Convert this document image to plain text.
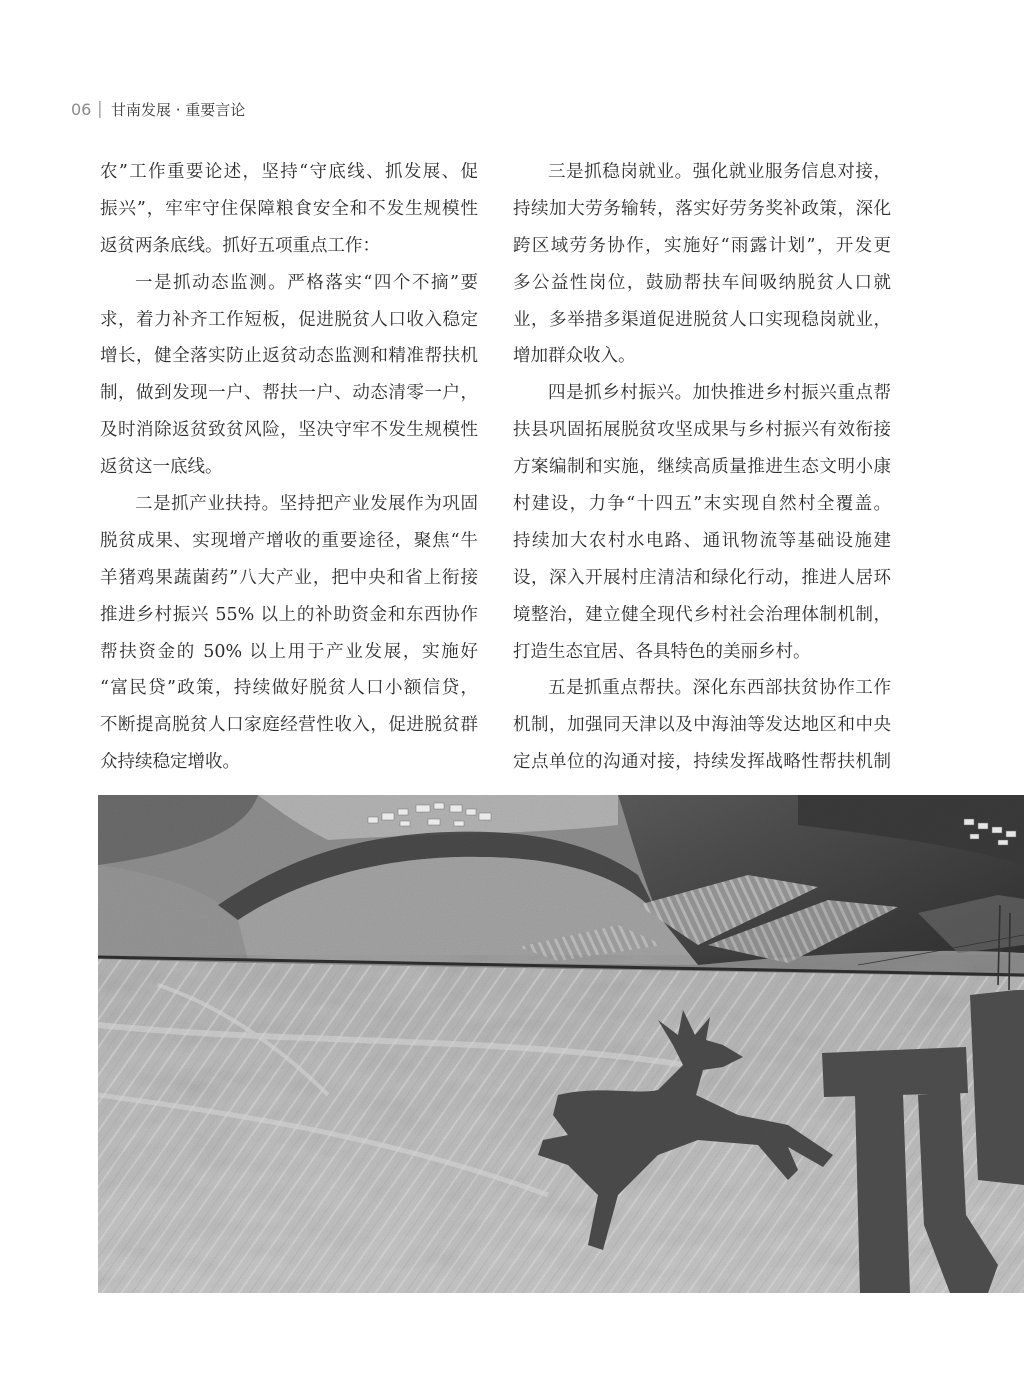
06 | 甘南发展 · 重要言论
农”工作重要论述，坚持“守底线、抓发展、促
振兴”，牢牢守住保障粮食安全和不发生规模性
返贫两条底线。抓好五项重点工作：
一是抓动态监测。严格落实“四个不摘”要
求，着力补齐工作短板，促进脱贫人口收入稳定
增长，健全落实防止返贫动态监测和精准帮扶机
制，做到发现一户、帮扶一户、动态清零一户，
及时消除返贫致贫风险，坚决守牢不发生规模性
返贫这一底线。
二是抓产业扶持。坚持把产业发展作为巩固
脱贫成果、实现增产增收的重要途径，聚焦“牛
羊猪鸡果蔬菌药”八大产业，把中央和省上衔接
推进乡村振兴 55% 以上的补助资金和东西协作
帮扶资金的 50% 以上用于产业发展，实施好
“富民贷”政策，持续做好脱贫人口小额信贷，
不断提高脱贫人口家庭经营性收入，促进脱贫群
众持续稳定增收。
三是抓稳岗就业。强化就业服务信息对接，
持续加大劳务输转，落实好劳务奖补政策，深化
跨区域劳务协作，实施好“雨露计划”，开发更
多公益性岗位，鼓励帮扶车间吸纳脱贫人口就
业，多举措多渠道促进脱贫人口实现稳岗就业，
增加群众收入。
四是抓乡村振兴。加快推进乡村振兴重点帮
扶县巩固拓展脱贫攻坚成果与乡村振兴有效衔接
方案编制和实施，继续高质量推进生态文明小康
村建设，力争“十四五”末实现自然村全覆盖。
持续加大农村水电路、通讯物流等基础设施建
设，深入开展村庄清洁和绿化行动，推进人居环
境整治，建立健全现代乡村社会治理体制机制，
打造生态宜居、各具特色的美丽乡村。
五是抓重点帮扶。深化东西部扶贫协作工作
机制，加强同天津以及中海油等发达地区和中央
定点单位的沟通对接，持续发挥战略性帮扶机制
